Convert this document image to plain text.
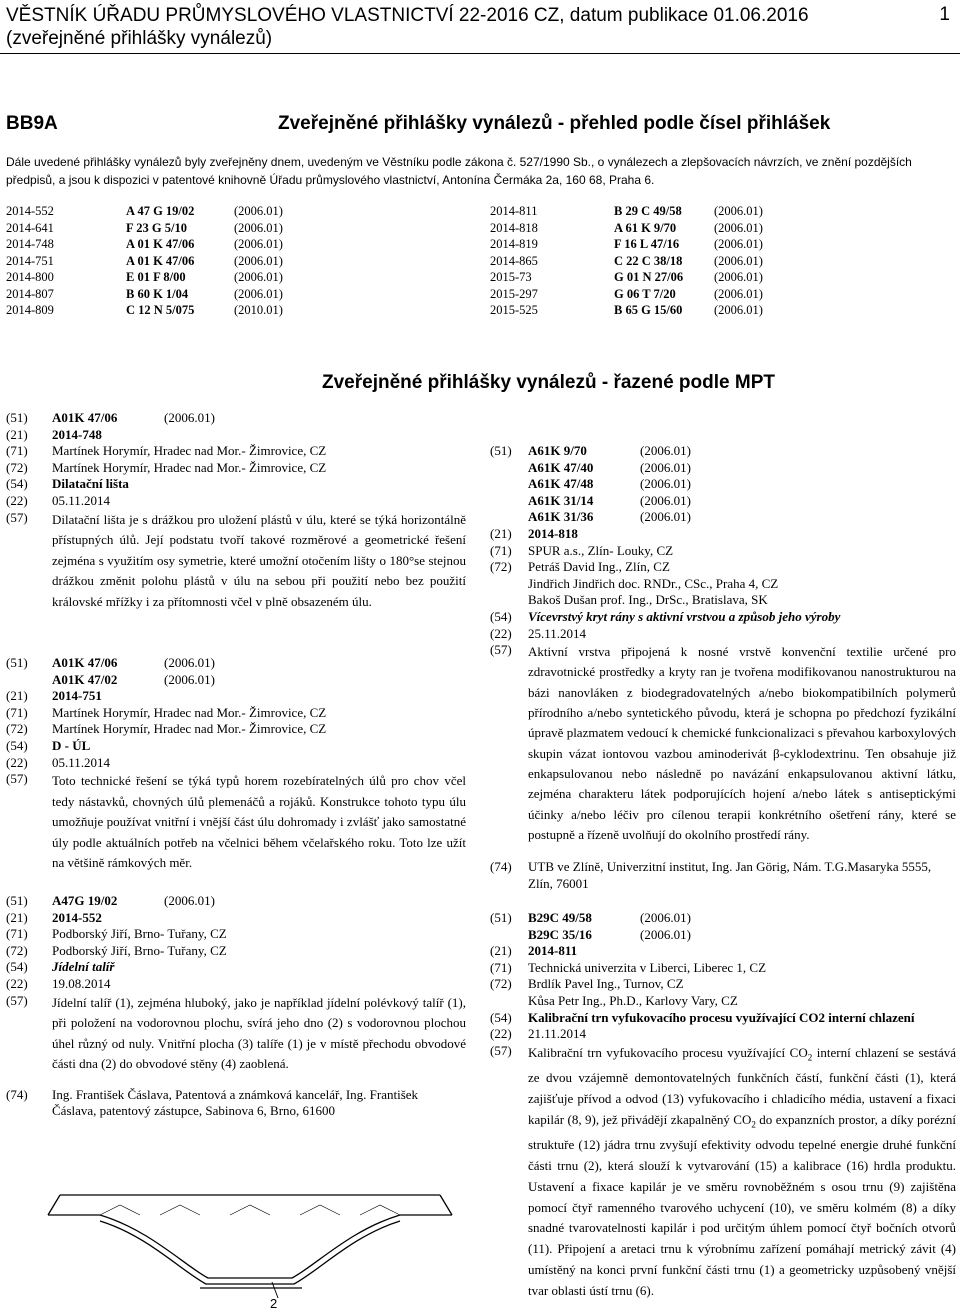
VĚSTNÍK ÚŘADU PRŮMYSLOVÉHO VLASTNICTVÍ 22-2016 CZ, datum publikace 01.06.2016
(zveřejněné přihlášky vynálezů)
1
BB9A	Zveřejněné přihlášky vynálezů - přehled podle čísel přihlášek
Dále uvedené přihlášky vynálezů byly zveřejněny dnem, uvedeným ve Věstníku podle zákona č. 527/1990 Sb., o vynálezech a zlepšovacích návrzích, ve znění pozdějších předpisů, a jsou k dispozici v patentové knihovně Úřadu průmyslového vlastnictví, Antonína Čermáka 2a, 160 68, Praha 6.
2014-552	A 47 G 19/02	(2006.01)
2014-641	F 23 G 5/10	(2006.01)
2014-748	A 01 K 47/06	(2006.01)
2014-751	A 01 K 47/06	(2006.01)
2014-800	E 01 F 8/00	(2006.01)
2014-807	B 60 K 1/04	(2006.01)
2014-809	C 12 N 5/075	(2010.01)
2014-811	B 29 C 49/58	(2006.01)
2014-818	A 61 K 9/70	(2006.01)
2014-819	F 16 L 47/16	(2006.01)
2014-865	C 22 C 38/18	(2006.01)
2015-73	G 01 N 27/06	(2006.01)
2015-297	G 06 T 7/20	(2006.01)
2015-525	B 65 G 15/60	(2006.01)
Zveřejněné přihlášky vynálezů - řazené podle MPT
(51)	A01K 47/06	(2006.01)
(21)	2014-748
(71)	Martínek Horymír, Hradec nad Mor.- Žimrovice, CZ
(72)	Martínek Horymír, Hradec nad Mor.- Žimrovice, CZ
(54)	Dilatační lišta
(22)	05.11.2014
(57)	Dilatační lišta je s drážkou pro uložení plástů v úlu, které se týká horizontálně přístupných úlů. Její podstatu tvoří takové rozměrové a geometrické řešení zejména s využitím osy symetrie, které umožní otočením lišty o 180°se stejnou drážkou změnit polohu plástů v úlu na sebou při použití nebo bez použití královské mřížky i za přítomnosti včel v plně obsazeném úlu.
(51)	A01K 47/06	(2006.01)
A01K 47/02	(2006.01)
(21)	2014-751
(71)	Martínek Horymír, Hradec nad Mor.- Žimrovice, CZ
(72)	Martínek Horymír, Hradec nad Mor.- Žimrovice, CZ
(54)	D - ÚL
(22)	05.11.2014
(57)	Toto technické řešení se týká typů horem rozebíratelných úlů pro chov včel tedy nástavků, chovných úlů plemenáčů a rojáků. Konstrukce tohoto typu úlu umožňuje používat vnitřní i vnější část úlu dohromady i zvlášť jako samostatné úly podle aktuálních potřeb na včelnici během včelařského roku. Toto lze užít na většině rámkových měr.
(51)	A47G 19/02	(2006.01)
(21)	2014-552
(71)	Podborský Jiří, Brno- Tuřany, CZ
(72)	Podborský Jiří, Brno- Tuřany, CZ
(54)	Jídelní talíř
(22)	19.08.2014
(57)	Jídelní talíř (1), zejména hluboký, jako je například jídelní polévkový talíř (1), při položení na vodorovnou plochu, svírá jeho dno (2) s vodorovnou plochou úhel různý od nuly. Vnitřní plocha (3) talíře (1) je v místě přechodu obvodové části dna (2) do obvodové stěny (4) zaoblená.
(74)	Ing. František Čáslava, Patentová a známková kancelář, Ing. František Čáslava, patentový zástupce, Sabinova 6, Brno, 61600
2
(51)	A61K 9/70	(2006.01)
A61K 47/40	(2006.01)
A61K 47/48	(2006.01)
A61K 31/14	(2006.01)
A61K 31/36	(2006.01)
(21)	2014-818
(71)	SPUR a.s., Zlín- Louky, CZ
(72)	Petráš David Ing., Zlín, CZ
Jindřich Jindřich doc. RNDr., CSc., Praha 4, CZ
Bakoš Dušan prof. Ing., DrSc., Bratislava, SK
(54)	Vícevrstvý kryt rány s aktivní vrstvou a způsob jeho výroby
(22)	25.11.2014
(57)	Aktivní vrstva připojená k nosné vrstvě konvenční textilie určené pro zdravotnické prostředky a kryty ran je tvořena modifikovanou nanostrukturou na bázi nanovláken z biodegradovatelných a/nebo biokompatibilních polymerů přírodního a/nebo syntetického původu, která je schopna po předchozí fyzikální úpravě plazmatem vedoucí k chemické funkcionalizaci s převahou karboxylových skupin vázat iontovou vazbou aminoderivát β-cyklodextrinu. Ten obsahuje již enkapsulovanou nebo následně po navázání enkapsulovanou aktivní látku, zejména charakteru látek podporujících hojení a/nebo látek s antiseptickými účinky a/nebo léčiv pro cílenou terapii konkrétního ošetření rány, které se postupně a řízeně uvolňují do okolního prostředí rány.
(74)	UTB ve Zlíně, Univerzitní institut, Ing. Jan Görig, Nám. T.G.Masaryka 5555, Zlín, 76001
(51)	B29C 49/58	(2006.01)
B29C 35/16	(2006.01)
(21)	2014-811
(71)	Technická univerzita v Liberci, Liberec 1, CZ
(72)	Brdlík Pavel Ing., Turnov, CZ
Kůsa Petr Ing., Ph.D., Karlovy Vary, CZ
(54)	Kalibrační trn vyfukovacího procesu využívající CO2 interní chlazení
(22)	21.11.2014
(57)	Kalibrační trn vyfukovacího procesu využívající $CO_2$ interní chlazení se sestává ze dvou vzájemně demontovatelných funkčních částí, funkční části (1), která zajišťuje přívod a odvod (13) vyfukovacího i chladicího média, ustavení a fixaci kapilár (8, 9), jež přivádějí zkapalněný $CO_2$ do expanzních prostor, a díky porézní struktuře (12) jádra trnu zvyšují efektivity odvodu tepelné energie druhé funkční části trnu (2), která slouží k vytvarování (15) a kalibrace (16) hrdla produktu. Ustavení a fixace kapilár je ve směru rovnoběžném s osou trnu (9) zajištěna pomocí čtyř ramenného tvarového uchycení (10), ve směru kolmém (8) a díky snadné tvarovatelnosti kapilár i pod určitým úhlem pomocí čtyř bočních otvorů (11). Připojení a aretaci trnu k výrobnímu zařízení pomáhají metrický závit (4) umístěný na konci první funkční části trnu (1) a geometricky uzpůsobený vnější tvar oblasti ústí trnu (6).
